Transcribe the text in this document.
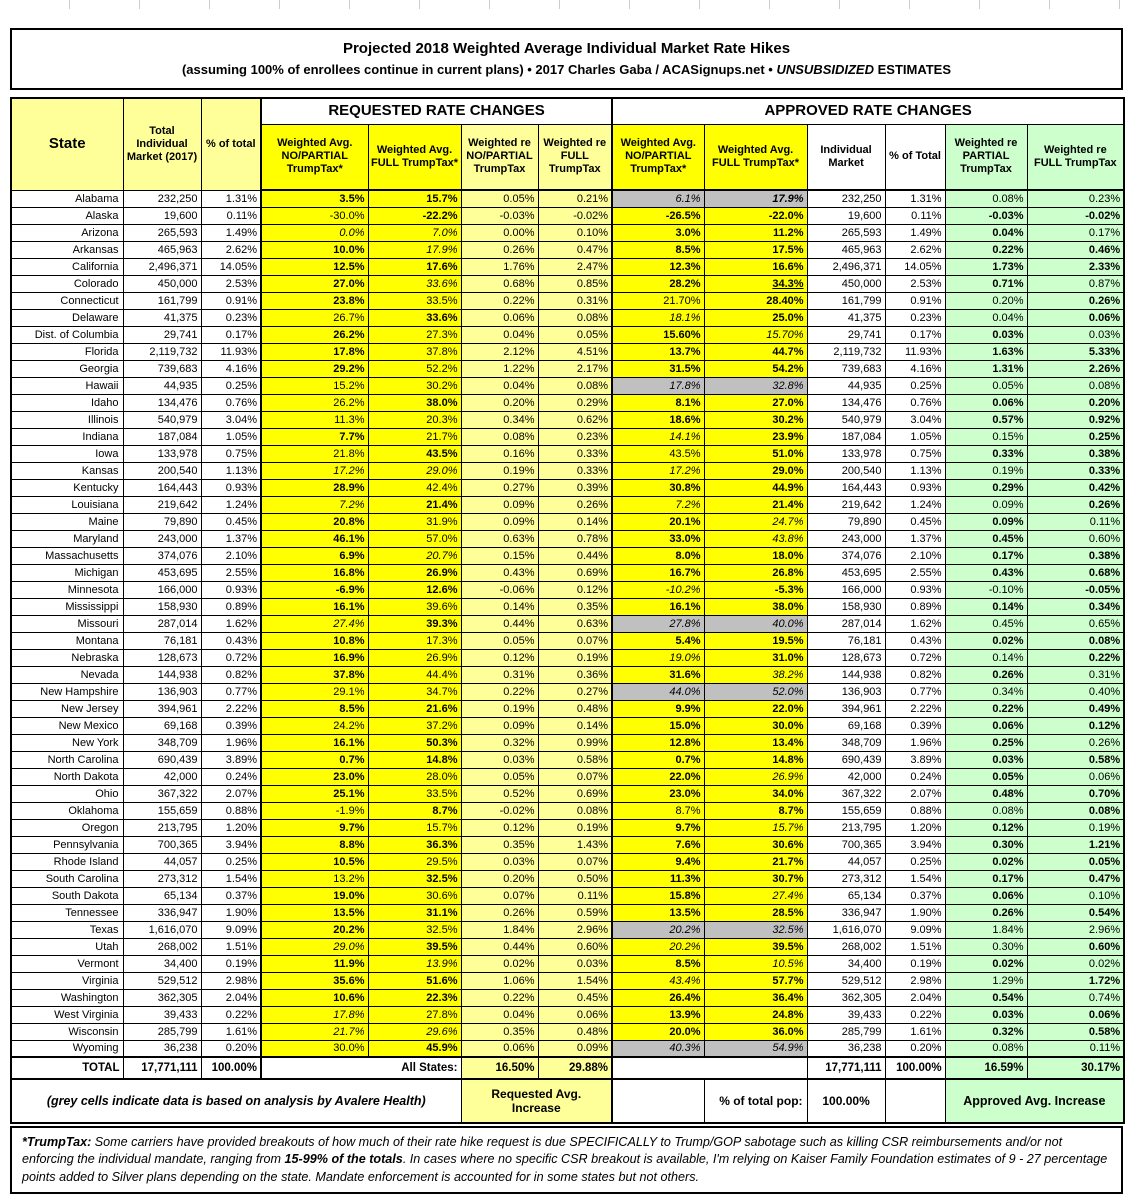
Projected 2018 Weighted Average Individual Market Rate Hikes
(assuming 100% of enrollees continue in current plans) • 2017 Charles Gaba / ACASignups.net • UNSUBSIDIZED ESTIMATES
State	Total Individual Market (2017)	% of total	REQUESTED RATE CHANGES				APPROVED RATE CHANGES					
			Weighted Avg. NO/PARTIAL TrumpTax*	Weighted Avg. FULL TrumpTax*	Weighted re NO/PARTIAL TrumpTax	Weighted re FULL TrumpTax	Weighted Avg. NO/PARTIAL TrumpTax*	Weighted Avg. FULL TrumpTax*	Individual Market	% of Total	Weighted re PARTIAL TrumpTax	Weighted re FULL TrumpTax
Alabama	232,250	1.31%	3.5%	15.7%	0.05%	0.21%	6.1%	17.9%	232,250	1.31%	0.08%	0.23%
Alaska	19,600	0.11%	-30.0%	-22.2%	-0.03%	-0.02%	-26.5%	-22.0%	19,600	0.11%	-0.03%	-0.02%
Arizona	265,593	1.49%	0.0%	7.0%	0.00%	0.10%	3.0%	11.2%	265,593	1.49%	0.04%	0.17%
Arkansas	465,963	2.62%	10.0%	17.9%	0.26%	0.47%	8.5%	17.5%	465,963	2.62%	0.22%	0.46%
California	2,496,371	14.05%	12.5%	17.6%	1.76%	2.47%	12.3%	16.6%	2,496,371	14.05%	1.73%	2.33%
Colorado	450,000	2.53%	27.0%	33.6%	0.68%	0.85%	28.2%	34.3%	450,000	2.53%	0.71%	0.87%
Connecticut	161,799	0.91%	23.8%	33.5%	0.22%	0.31%	21.70%	28.40%	161,799	0.91%	0.20%	0.26%
Delaware	41,375	0.23%	26.7%	33.6%	0.06%	0.08%	18.1%	25.0%	41,375	0.23%	0.04%	0.06%
Dist. of Columbia	29,741	0.17%	26.2%	27.3%	0.04%	0.05%	15.60%	15.70%	29,741	0.17%	0.03%	0.03%
Florida	2,119,732	11.93%	17.8%	37.8%	2.12%	4.51%	13.7%	44.7%	2,119,732	11.93%	1.63%	5.33%
Georgia	739,683	4.16%	29.2%	52.2%	1.22%	2.17%	31.5%	54.2%	739,683	4.16%	1.31%	2.26%
Hawaii	44,935	0.25%	15.2%	30.2%	0.04%	0.08%	17.8%	32.8%	44,935	0.25%	0.05%	0.08%
Idaho	134,476	0.76%	26.2%	38.0%	0.20%	0.29%	8.1%	27.0%	134,476	0.76%	0.06%	0.20%
Illinois	540,979	3.04%	11.3%	20.3%	0.34%	0.62%	18.6%	30.2%	540,979	3.04%	0.57%	0.92%
Indiana	187,084	1.05%	7.7%	21.7%	0.08%	0.23%	14.1%	23.9%	187,084	1.05%	0.15%	0.25%
Iowa	133,978	0.75%	21.8%	43.5%	0.16%	0.33%	43.5%	51.0%	133,978	0.75%	0.33%	0.38%
Kansas	200,540	1.13%	17.2%	29.0%	0.19%	0.33%	17.2%	29.0%	200,540	1.13%	0.19%	0.33%
Kentucky	164,443	0.93%	28.9%	42.4%	0.27%	0.39%	30.8%	44.9%	164,443	0.93%	0.29%	0.42%
Louisiana	219,642	1.24%	7.2%	21.4%	0.09%	0.26%	7.2%	21.4%	219,642	1.24%	0.09%	0.26%
Maine	79,890	0.45%	20.8%	31.9%	0.09%	0.14%	20.1%	24.7%	79,890	0.45%	0.09%	0.11%
Maryland	243,000	1.37%	46.1%	57.0%	0.63%	0.78%	33.0%	43.8%	243,000	1.37%	0.45%	0.60%
Massachusetts	374,076	2.10%	6.9%	20.7%	0.15%	0.44%	8.0%	18.0%	374,076	2.10%	0.17%	0.38%
Michigan	453,695	2.55%	16.8%	26.9%	0.43%	0.69%	16.7%	26.8%	453,695	2.55%	0.43%	0.68%
Minnesota	166,000	0.93%	-6.9%	12.6%	-0.06%	0.12%	-10.2%	-5.3%	166,000	0.93%	-0.10%	-0.05%
Mississippi	158,930	0.89%	16.1%	39.6%	0.14%	0.35%	16.1%	38.0%	158,930	0.89%	0.14%	0.34%
Missouri	287,014	1.62%	27.4%	39.3%	0.44%	0.63%	27.8%	40.0%	287,014	1.62%	0.45%	0.65%
Montana	76,181	0.43%	10.8%	17.3%	0.05%	0.07%	5.4%	19.5%	76,181	0.43%	0.02%	0.08%
Nebraska	128,673	0.72%	16.9%	26.9%	0.12%	0.19%	19.0%	31.0%	128,673	0.72%	0.14%	0.22%
Nevada	144,938	0.82%	37.8%	44.4%	0.31%	0.36%	31.6%	38.2%	144,938	0.82%	0.26%	0.31%
New Hampshire	136,903	0.77%	29.1%	34.7%	0.22%	0.27%	44.0%	52.0%	136,903	0.77%	0.34%	0.40%
New Jersey	394,961	2.22%	8.5%	21.6%	0.19%	0.48%	9.9%	22.0%	394,961	2.22%	0.22%	0.49%
New Mexico	69,168	0.39%	24.2%	37.2%	0.09%	0.14%	15.0%	30.0%	69,168	0.39%	0.06%	0.12%
New York	348,709	1.96%	16.1%	50.3%	0.32%	0.99%	12.8%	13.4%	348,709	1.96%	0.25%	0.26%
North Carolina	690,439	3.89%	0.7%	14.8%	0.03%	0.58%	0.7%	14.8%	690,439	3.89%	0.03%	0.58%
North Dakota	42,000	0.24%	23.0%	28.0%	0.05%	0.07%	22.0%	26.9%	42,000	0.24%	0.05%	0.06%
Ohio	367,322	2.07%	25.1%	33.5%	0.52%	0.69%	23.0%	34.0%	367,322	2.07%	0.48%	0.70%
Oklahoma	155,659	0.88%	-1.9%	8.7%	-0.02%	0.08%	8.7%	8.7%	155,659	0.88%	0.08%	0.08%
Oregon	213,795	1.20%	9.7%	15.7%	0.12%	0.19%	9.7%	15.7%	213,795	1.20%	0.12%	0.19%
Pennsylvania	700,365	3.94%	8.8%	36.3%	0.35%	1.43%	7.6%	30.6%	700,365	3.94%	0.30%	1.21%
Rhode Island	44,057	0.25%	10.5%	29.5%	0.03%	0.07%	9.4%	21.7%	44,057	0.25%	0.02%	0.05%
South Carolina	273,312	1.54%	13.2%	32.5%	0.20%	0.50%	11.3%	30.7%	273,312	1.54%	0.17%	0.47%
South Dakota	65,134	0.37%	19.0%	30.6%	0.07%	0.11%	15.8%	27.4%	65,134	0.37%	0.06%	0.10%
Tennessee	336,947	1.90%	13.5%	31.1%	0.26%	0.59%	13.5%	28.5%	336,947	1.90%	0.26%	0.54%
Texas	1,616,070	9.09%	20.2%	32.5%	1.84%	2.96%	20.2%	32.5%	1,616,070	9.09%	1.84%	2.96%
Utah	268,002	1.51%	29.0%	39.5%	0.44%	0.60%	20.2%	39.5%	268,002	1.51%	0.30%	0.60%
Vermont	34,400	0.19%	11.9%	13.9%	0.02%	0.03%	8.5%	10.5%	34,400	0.19%	0.02%	0.02%
Virginia	529,512	2.98%	35.6%	51.6%	1.06%	1.54%	43.4%	57.7%	529,512	2.98%	1.29%	1.72%
Washington	362,305	2.04%	10.6%	22.3%	0.22%	0.45%	26.4%	36.4%	362,305	2.04%	0.54%	0.74%
West Virginia	39,433	0.22%	17.8%	27.8%	0.04%	0.06%	13.9%	24.8%	39,433	0.22%	0.03%	0.06%
Wisconsin	285,799	1.61%	21.7%	29.6%	0.35%	0.48%	20.0%	36.0%	285,799	1.61%	0.32%	0.58%
Wyoming	36,238	0.20%	30.0%	45.9%	0.06%	0.09%	40.3%	54.9%	36,238	0.20%	0.08%	0.11%
TOTAL	17,771,111	100.00%	All States:		16.50%	29.88%			17,771,111	100.00%	16.59%	30.17%
(grey cells indicate data is based on analysis by Avalere Health)					Requested Avg. Increase			% of total pop:	100.00%		Approved Avg. Increase	
*TrumpTax: Some carriers have provided breakouts of how much of their rate hike request is due SPECIFICALLY to Trump/GOP sabotage such as killing CSR reimbursements and/or not enforcing the individual mandate, ranging from 15-99% of the totals. In cases where no specific CSR breakout is available, I'm relying on Kaiser Family Foundation estimates of 9 - 27 percentage points added to Silver plans depending on the state. Mandate enforcement is accounted for in some states but not others.
